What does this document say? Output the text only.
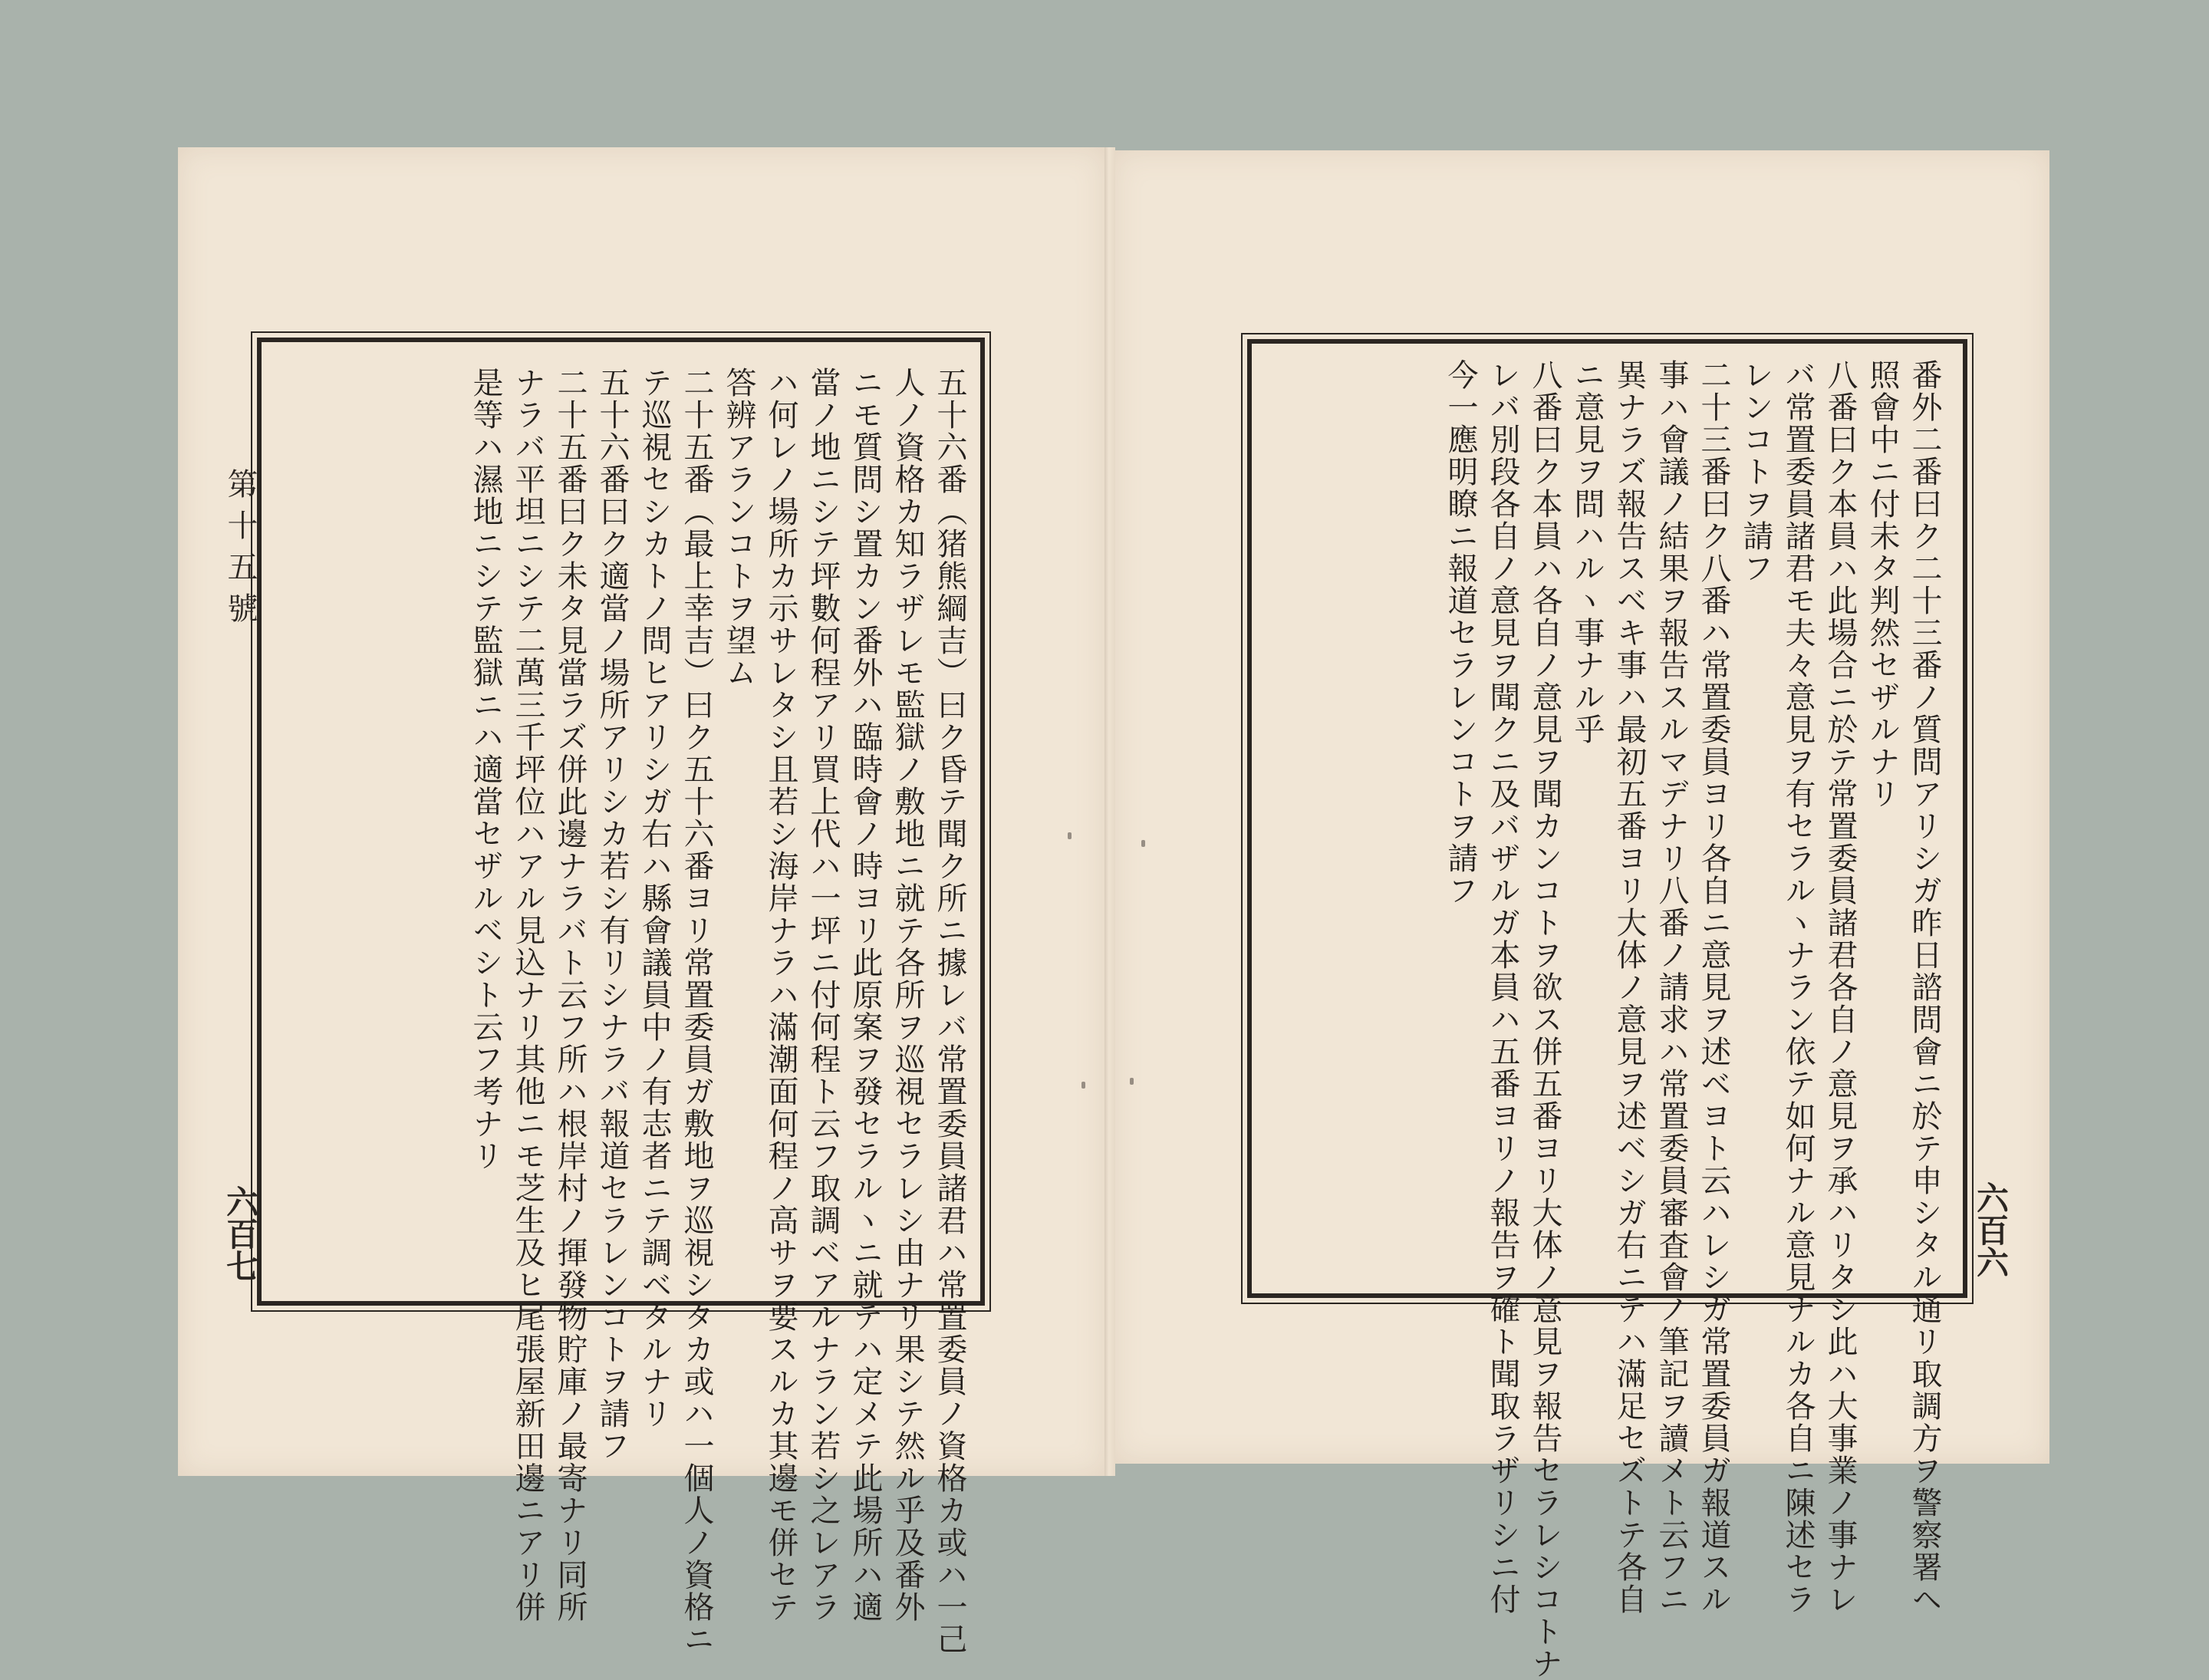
第十五號
六百七	六百六
五十六番（猪熊綱吉）曰ク昏テ聞ク所ニ據レバ常置委員諸君ハ常置委員ノ資格カ或ハ一己
人ノ資格カ知ラザレモ監獄ノ敷地ニ就テ各所ヲ巡視セラレシ由ナリ果シテ然ル乎及番外
ニモ質問シ置カン番外ハ臨時會ノ時ヨリ此原案ヲ發セラルヽニ就テハ定メテ此場所ハ適
當ノ地ニシテ坪數何程アリ買上代ハ一坪ニ付何程ト云フ取調ベアルナラン若シ之レアラ
ハ何レノ場所カ示サレタシ且若シ海岸ナラハ滿潮面何程ノ高サヲ要スルカ其邊モ併セテ
答辨アランコトヲ望ム
二十五番（最上幸吉）曰ク五十六番ヨリ常置委員ガ敷地ヲ巡視シタカ或ハ一個人ノ資格ニ
テ巡視セシカトノ問ヒアリシガ右ハ縣會議員中ノ有志者ニテ調ベタルナリ
五十六番曰ク適當ノ場所アリシカ若シ有リシナラバ報道セラレンコトヲ請フ
二十五番曰ク未タ見當ラズ併此邊ナラバト云フ所ハ根岸村ノ揮發物貯庫ノ最寄ナリ同所
ナラバ平坦ニシテ二萬三千坪位ハアル見込ナリ其他ニモ芝生及ヒ尾張屋新田邊ニアリ併
是等ハ濕地ニシテ監獄ニハ適當セザルベシト云フ考ナリ	番外二番曰ク二十三番ノ質問アリシガ昨日諮問會ニ於テ申シタル通リ取調方ヲ警察署ヘ
照會中ニ付未タ判然セザルナリ
八番曰ク本員ハ此場合ニ於テ常置委員諸君各自ノ意見ヲ承ハリタシ此ハ大事業ノ事ナレ
バ常置委員諸君モ夫々意見ヲ有セラルヽナラン依テ如何ナル意見ナルカ各自ニ陳述セラ
レンコトヲ請フ
二十三番曰ク八番ハ常置委員ヨリ各自ニ意見ヲ述ベヨト云ハレシガ常置委員ガ報道スル
事ハ會議ノ結果ヲ報告スルマデナリ八番ノ請求ハ常置委員審査會ノ筆記ヲ讀メト云フニ
異ナラズ報告スベキ事ハ最初五番ヨリ大体ノ意見ヲ述ベシガ右ニテハ滿足セズトテ各自
ニ意見ヲ問ハルヽ事ナル乎
八番曰ク本員ハ各自ノ意見ヲ聞カンコトヲ欲ス併五番ヨリ大体ノ意見ヲ報告セラレシコトナ
レバ別段各自ノ意見ヲ聞クニ及バザルガ本員ハ五番ヨリノ報告ヲ確ト聞取ラザリシニ付
今一應明瞭ニ報道セラレンコトヲ請フ
